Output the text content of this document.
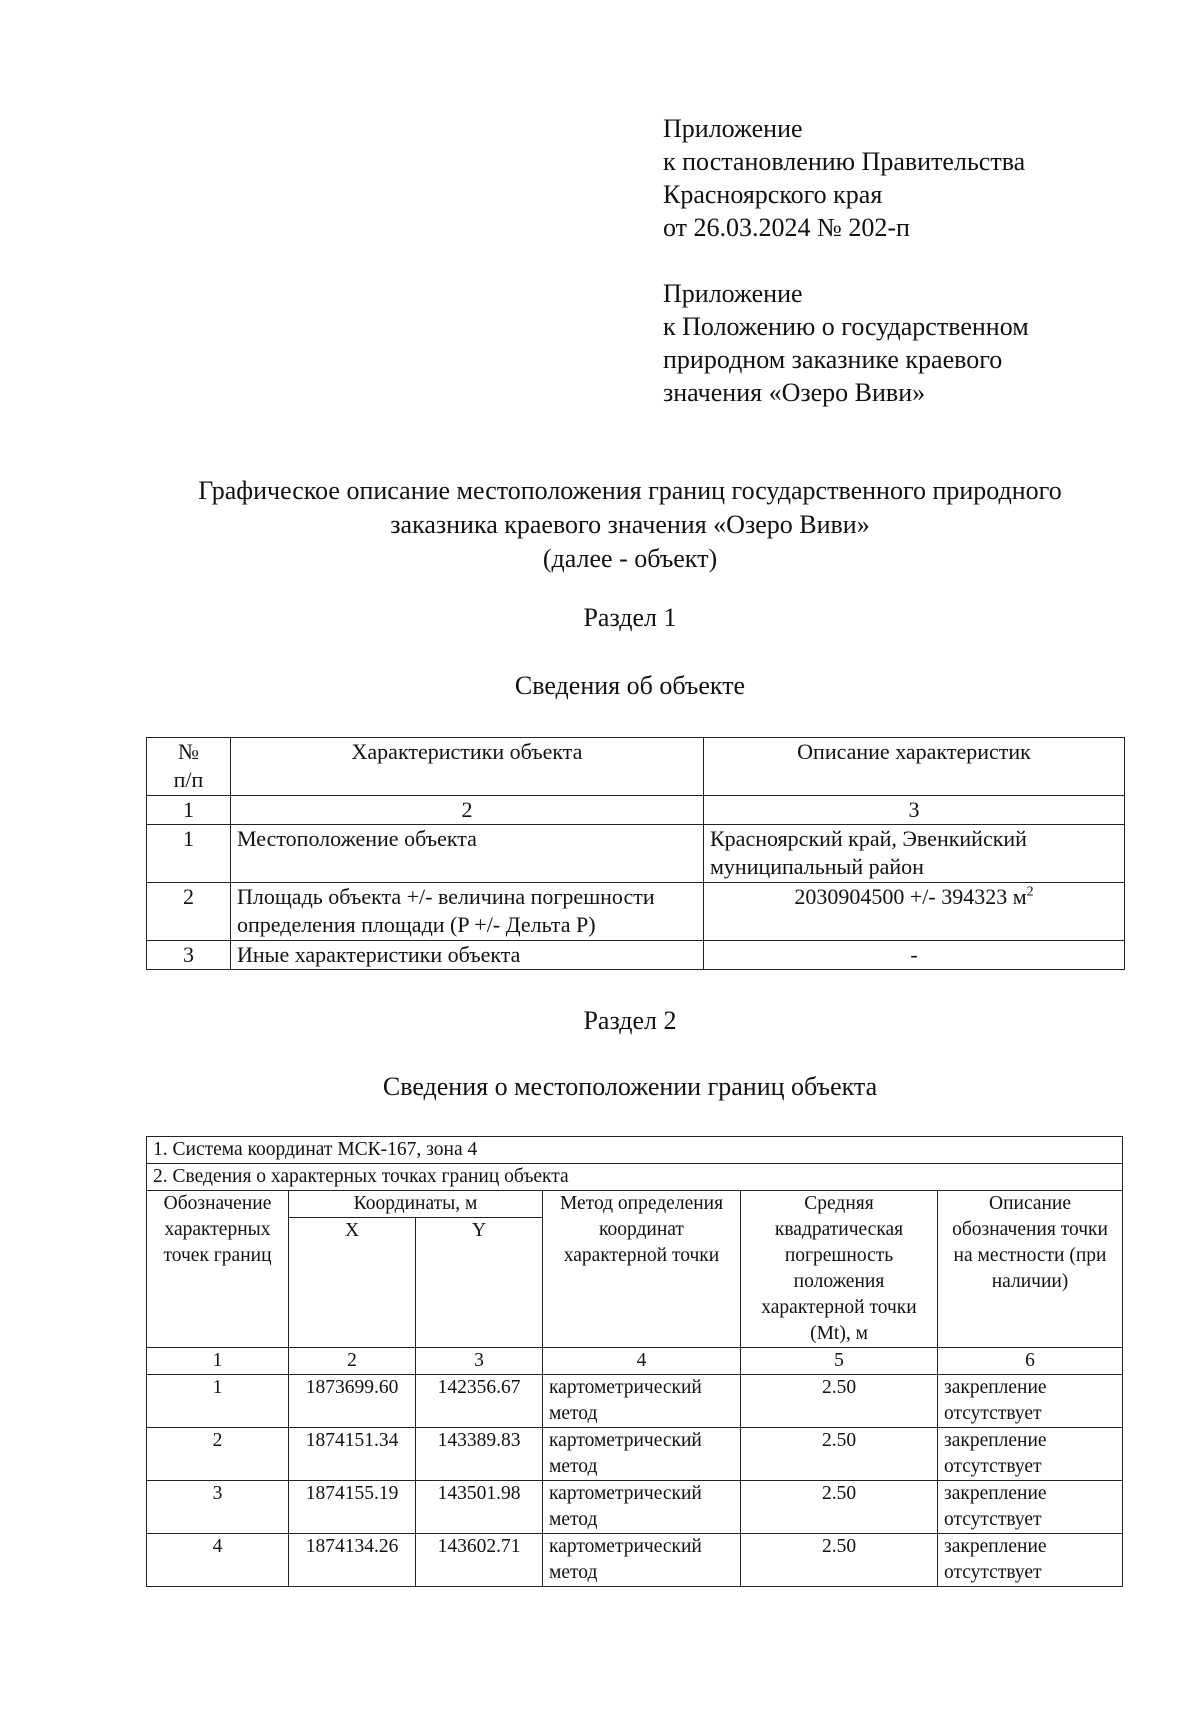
Приложение
к постановлению Правительства
Красноярского края
от 26.03.2024 № 202-п
Приложение
к Положению о государственном
природном заказнике краевого
значения «Озеро Виви»
Графическое описание местоположения границ государственного природного
заказника краевого значения «Озеро Виви»
(далее - объект)
Раздел 1
Сведения об объекте
№
п/п	Характеристики объекта	Описание характеристик
1	2	3
1	Местоположение объекта	Красноярский край, Эвенкийский муниципальный район
2	Площадь объекта +/- величина погрешности определения площади (P +/- Дельта P)	2030904500 +/- 394323 $м^2$
3	Иные характеристики объекта	-
Раздел 2
Сведения о местоположении границ объекта
1. Система координат МСК-167, зона 4					
2. Сведения о характерных точках границ объекта					
Обозначение характерных точек границ	Координаты, м		Метод определения координат характерной точки	Средняя квадратическая погрешность положения характерной точки (Mt), м	Описание обозначения точки на местности (при наличии)
	X	Y			
1	2	3	4	5	6
1	1873699.60	142356.67	картометрический метод	2.50	закрепление отсутствует
2	1874151.34	143389.83	картометрический метод	2.50	закрепление отсутствует
3	1874155.19	143501.98	картометрический метод	2.50	закрепление отсутствует
4	1874134.26	143602.71	картометрический метод	2.50	закрепление отсутствует
